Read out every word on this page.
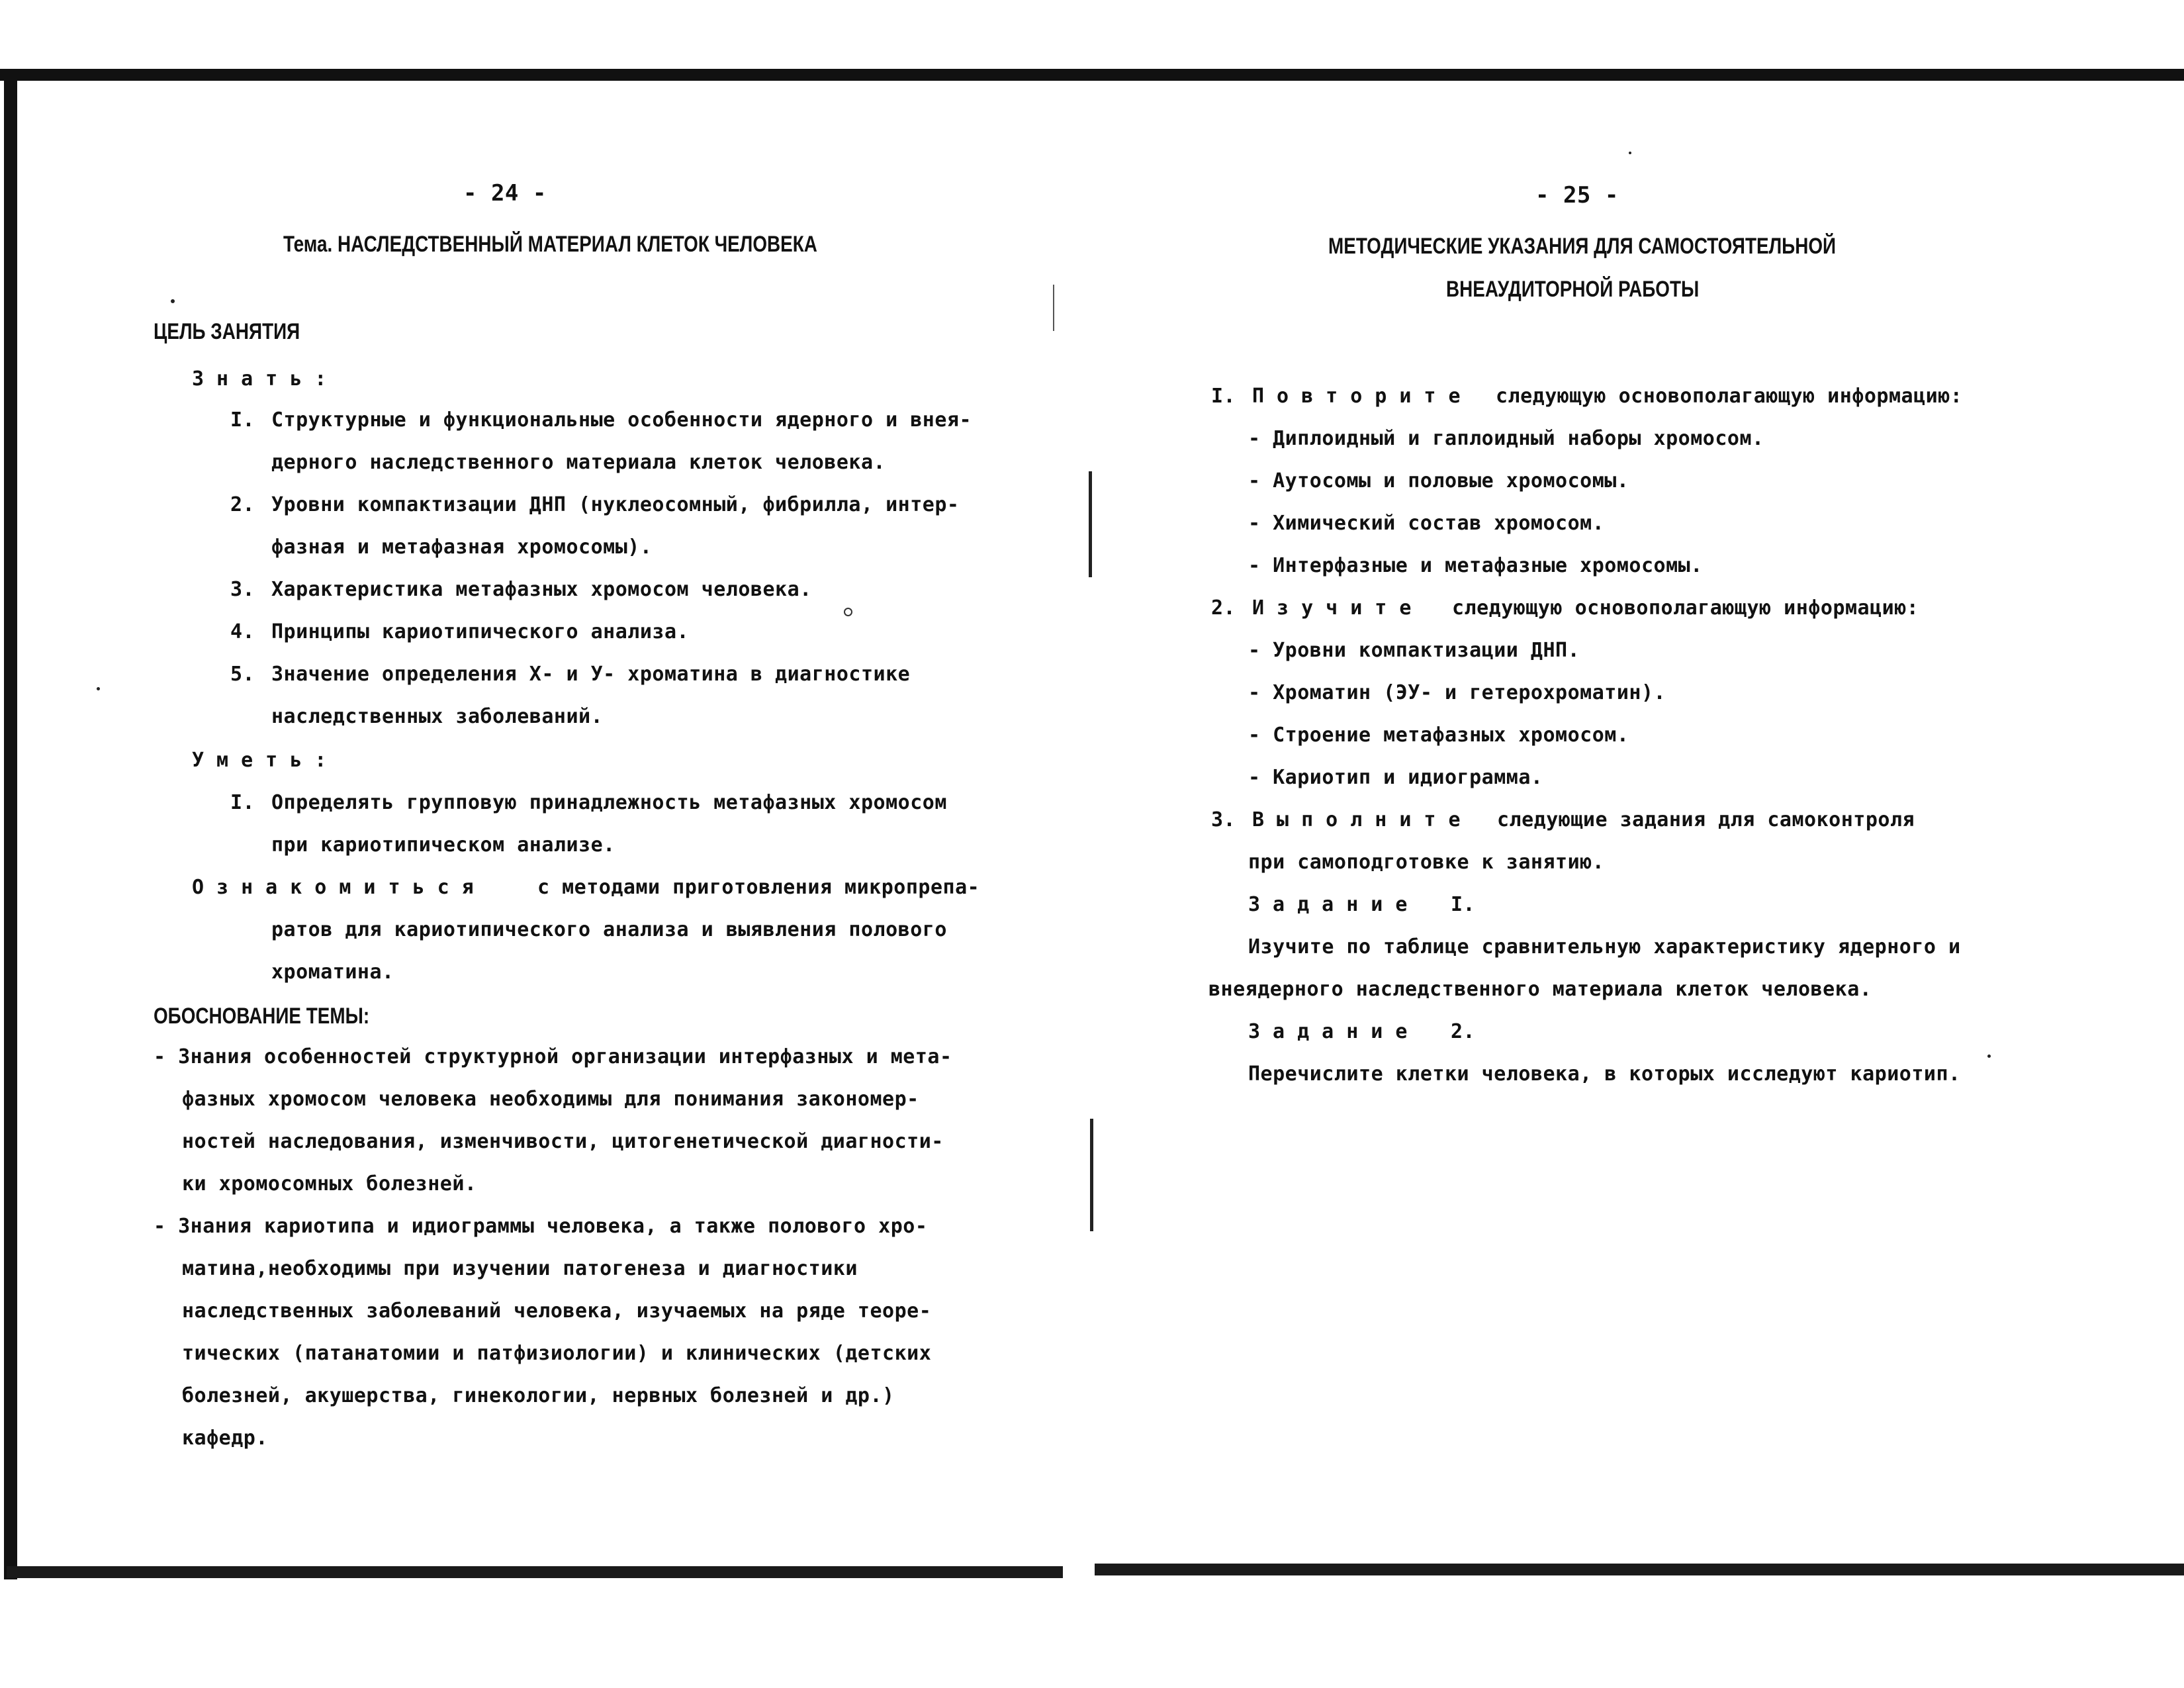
- 24 -
Тема. НАСЛЕДСТВЕННЫЙ МАТЕРИАЛ КЛЕТОК ЧЕЛОВЕКА
ЦЕЛЬ ЗАНЯТИЯ
Знать:
I. Структурные и функциональные особенности ядерного и внея-
дерного наследственного материала клеток человека.
2. Уровни компактизации ДНП (нуклеосомный, фибрилла, интер-
фазная и метафазная хромосомы).
3. Характеристика метафазных хромосом человека.
4. Принципы кариотипического анализа.
5. Значение определения X- и У- хроматина в диагностике
наследственных заболеваний.
Уметь:
I. Определять групповую принадлежность метафазных хромосом
при кариотипическом анализе.
Ознакомиться	с методами приготовления микропрепа-
ратов для кариотипического анализа и выявления полового
хроматина.
ОБОСНОВАНИЕ ТЕМЫ:
- Знания особенностей структурной организации интерфазных и мета-
фазных хромосом человека необходимы для понимания закономер-
ностей наследования, изменчивости, цитогенетической диагности-
ки хромосомных болезней.
- Знания кариотипа и идиограммы человека, а также полового хро-
матина,необходимы при изучении патогенеза и диагностики
наследственных заболеваний человека, изучаемых на ряде теоре-
тических (патанатомии и патфизиологии) и клинических (детских
болезней, акушерства, гинекологии, нервных болезней и др.)
кафедр.
- 25 -
МЕТОДИЧЕСКИЕ УКАЗАНИЯ ДЛЯ САМОСТОЯТЕЛЬНОЙ
ВНЕАУДИТОРНОЙ РАБОТЫ
I. Повторите следующую основополагающую информацию:
- Диплоидный и гаплоидный наборы хромосом.
- Аутосомы и половые хромосомы.
- Химический состав хромосом.
- Интерфазные и метафазные хромосомы.
2. Изучите следующую основополагающую информацию:
- Уровни компактизации ДНП.
- Хроматин (ЭУ- и гетерохроматин).
- Строение метафазных хромосом.
- Кариотип и идиограмма.
3. Выполните следующие задания для самоконтроля
при самоподготовке к занятию.
Задание I.
Изучите по таблице сравнительную характеристику ядерного и
внеядерного наследственного материала клеток человека.
Задание 2.
Перечислите клетки человека, в которых исследуют кариотип.
